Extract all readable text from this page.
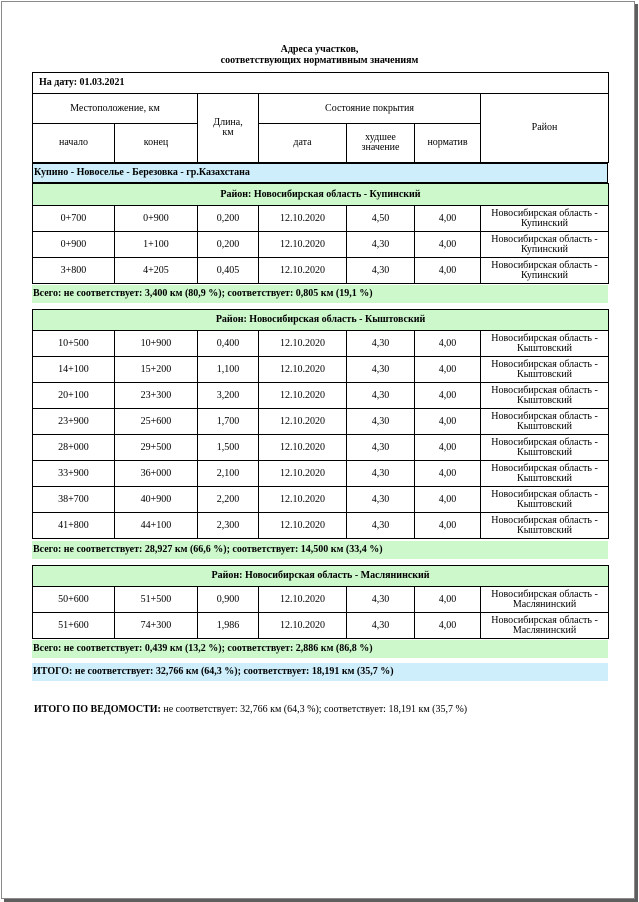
Адреса участков,
соответствующих нормативным значениям
На дату: 01.03.2021						
Местоположение, км		Длина,
км	Состояние покрытия			Район
начало	конец		дата	худшее
значение	норматив	
Купино - Новоселье - Березовка - гр.Казахстана
Район: Новосибирская область - Купинский						
0+700	0+900	0,200	12.10.2020	4,50	4,00	Новосибирская область -
Купинский

0+900	1+100	0,200	12.10.2020	4,30	4,00	Новосибирская область -
Купинский

3+800	4+205	0,405	12.10.2020	4,30	4,00	Новосибирская область -
Купинский
Всего: не соответствует: 3,400 км (80,9 %); соответствует: 0,805 км (19,1 %)
Район: Новосибирская область - Кыштовский						
10+500	10+900	0,400	12.10.2020	4,30	4,00	Новосибирская область -
Кыштовский

14+100	15+200	1,100	12.10.2020	4,30	4,00	Новосибирская область -
Кыштовский

20+100	23+300	3,200	12.10.2020	4,30	4,00	Новосибирская область -
Кыштовский

23+900	25+600	1,700	12.10.2020	4,30	4,00	Новосибирская область -
Кыштовский

28+000	29+500	1,500	12.10.2020	4,30	4,00	Новосибирская область -
Кыштовский

33+900	36+000	2,100	12.10.2020	4,30	4,00	Новосибирская область -
Кыштовский

38+700	40+900	2,200	12.10.2020	4,30	4,00	Новосибирская область -
Кыштовский

41+800	44+100	2,300	12.10.2020	4,30	4,00	Новосибирская область -
Кыштовский
Всего: не соответствует: 28,927 км (66,6 %); соответствует: 14,500 км (33,4 %)
Район: Новосибирская область - Маслянинский						
50+600	51+500	0,900	12.10.2020	4,30	4,00	Новосибирская область -
Маслянинский

51+600	74+300	1,986	12.10.2020	4,30	4,00	Новосибирская область -
Маслянинский
Всего: не соответствует: 0,439 км (13,2 %); соответствует: 2,886 км (86,8 %)
ИТОГО: не соответствует: 32,766 км (64,3 %); соответствует: 18,191 км (35,7 %)
ИТОГО ПО ВЕДОМОСТИ: не соответствует: 32,766 км (64,3 %); соответствует: 18,191 км (35,7 %)
